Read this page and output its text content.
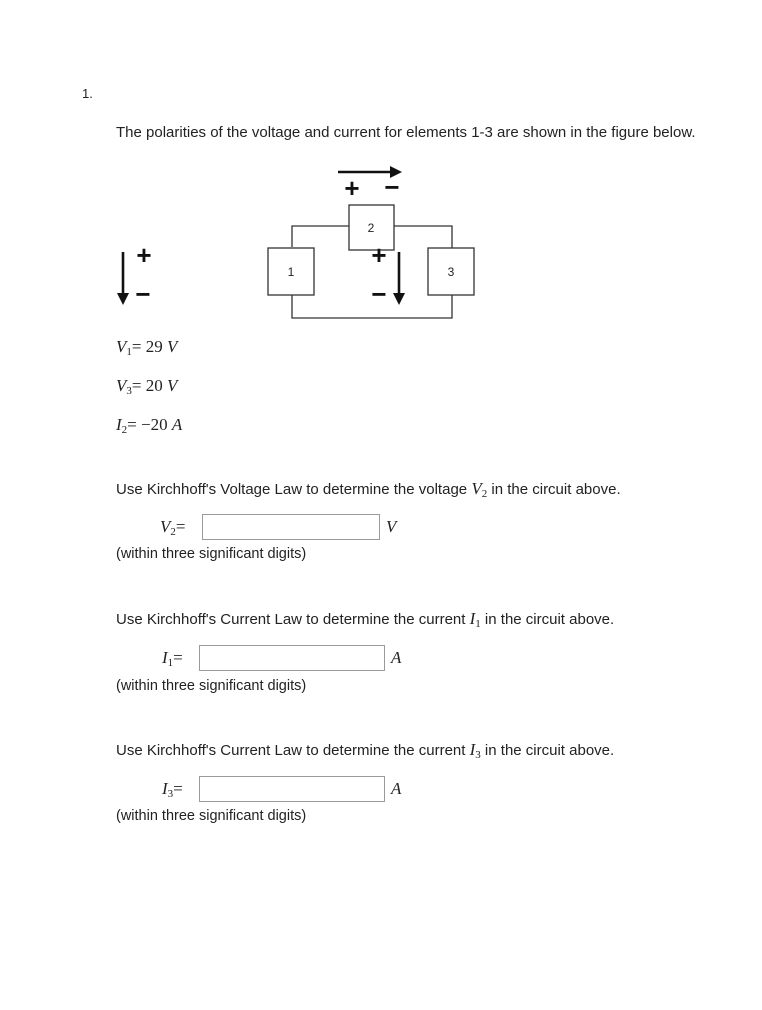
1.
The polarities of the voltage and current for elements 1-3 are shown in the figure below.
1
2
3
+ −
+
−
+
−
$V_1= 29$ V
$V_3= 20$ V
$I_2= -20$ A
Use Kirchhoff's Voltage Law to determine the voltage $V_2$ in the circuit above.
$V_2=$	V
(within three significant digits)
Use Kirchhoff's Current Law to determine the current $I_1$ in the circuit above.
$I_1=$	A
(within three significant digits)
Use Kirchhoff's Current Law to determine the current $I_3$ in the circuit above.
$I_3=$	A
(within three significant digits)
